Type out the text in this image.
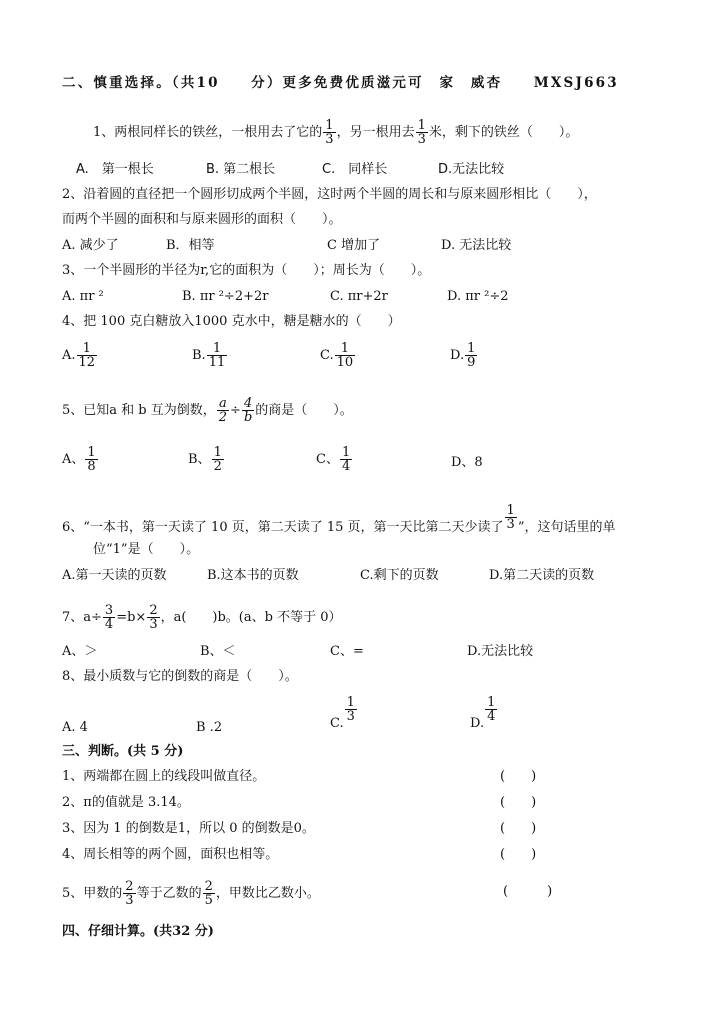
二、慎重选择。（共10　　分）更多免费优质滋元可　家　威杏　　MXSJ663
1、两根同样长的铁丝，一根用去了它的 $\frac{1}{3}$ ，另一根用去 $\frac{1}{3}$ 米，剩下的铁丝（　　）。
A.　第一根长	B. 第二根长	C.　同样长	D.无法比较
2、沿着圆的直径把一个圆形切成两个半圆，这时两个半圆的周长和与原来圆形相比（　　），
而两个半圆的面积和与原来圆形的面积（　　）。
A. 减少了	B．相等	C 增加了	D. 无法比较
3、一个半圆形的半径为r,它的面积为（　　）；周长为（　　）。
A. πr ²	B. πr ²÷2+2r	C. πr+2r	D. πr ²÷2
4、把 100 克白糖放入1000 克水中，糖是糖水的（　　）
A. $\frac{1}{12}$	B. $\frac{1}{11}$	C. $\frac{1}{10}$	D. $\frac{1}{9}$
5、已知a 和 b 互为倒数， $\frac{a}{2} \div \frac{4}{b}$ 的商是（　　）。
A、 $\frac{1}{8}$	B、 $\frac{1}{2}$	C、 $\frac{1}{4}$	D、8
6、“一本书，第一天读了 10 页，第二天读了 15 页，第一天比第二天少读了 $\frac{1}{3}$ ”，这句话里的单
位“1”是（　　）。
A.第一天读的页数	B.这本书的页数	C.剩下的页数	D.第二天读的页数
7、$a\div \frac{3}{4} =b\times \frac{2}{3}$ ，a(　　)b。(a、b 不等于 0）
A、＞	B、＜	C、=	D.无法比较
8、最小质数与它的倒数的商是（　　）。
A. 4	B .2	C.
$\frac{1}{3}$
D.
$\frac{1}{4}$
三、判断。(共 5 分)
1、两端都在圆上的线段叫做直径。	(　　)
2、π的值就是 3.14。	(　　)
3、因为 1 的倒数是1，所以 0 的倒数是0。	(　　)
4、周长相等的两个圆，面积也相等。	(　　)
5、甲数的 $\frac{2}{3}$ 等于乙数的 $\frac{2}{5}$ ，甲数比乙数小。	(　　　)
四、仔细计算。(共32 分)
